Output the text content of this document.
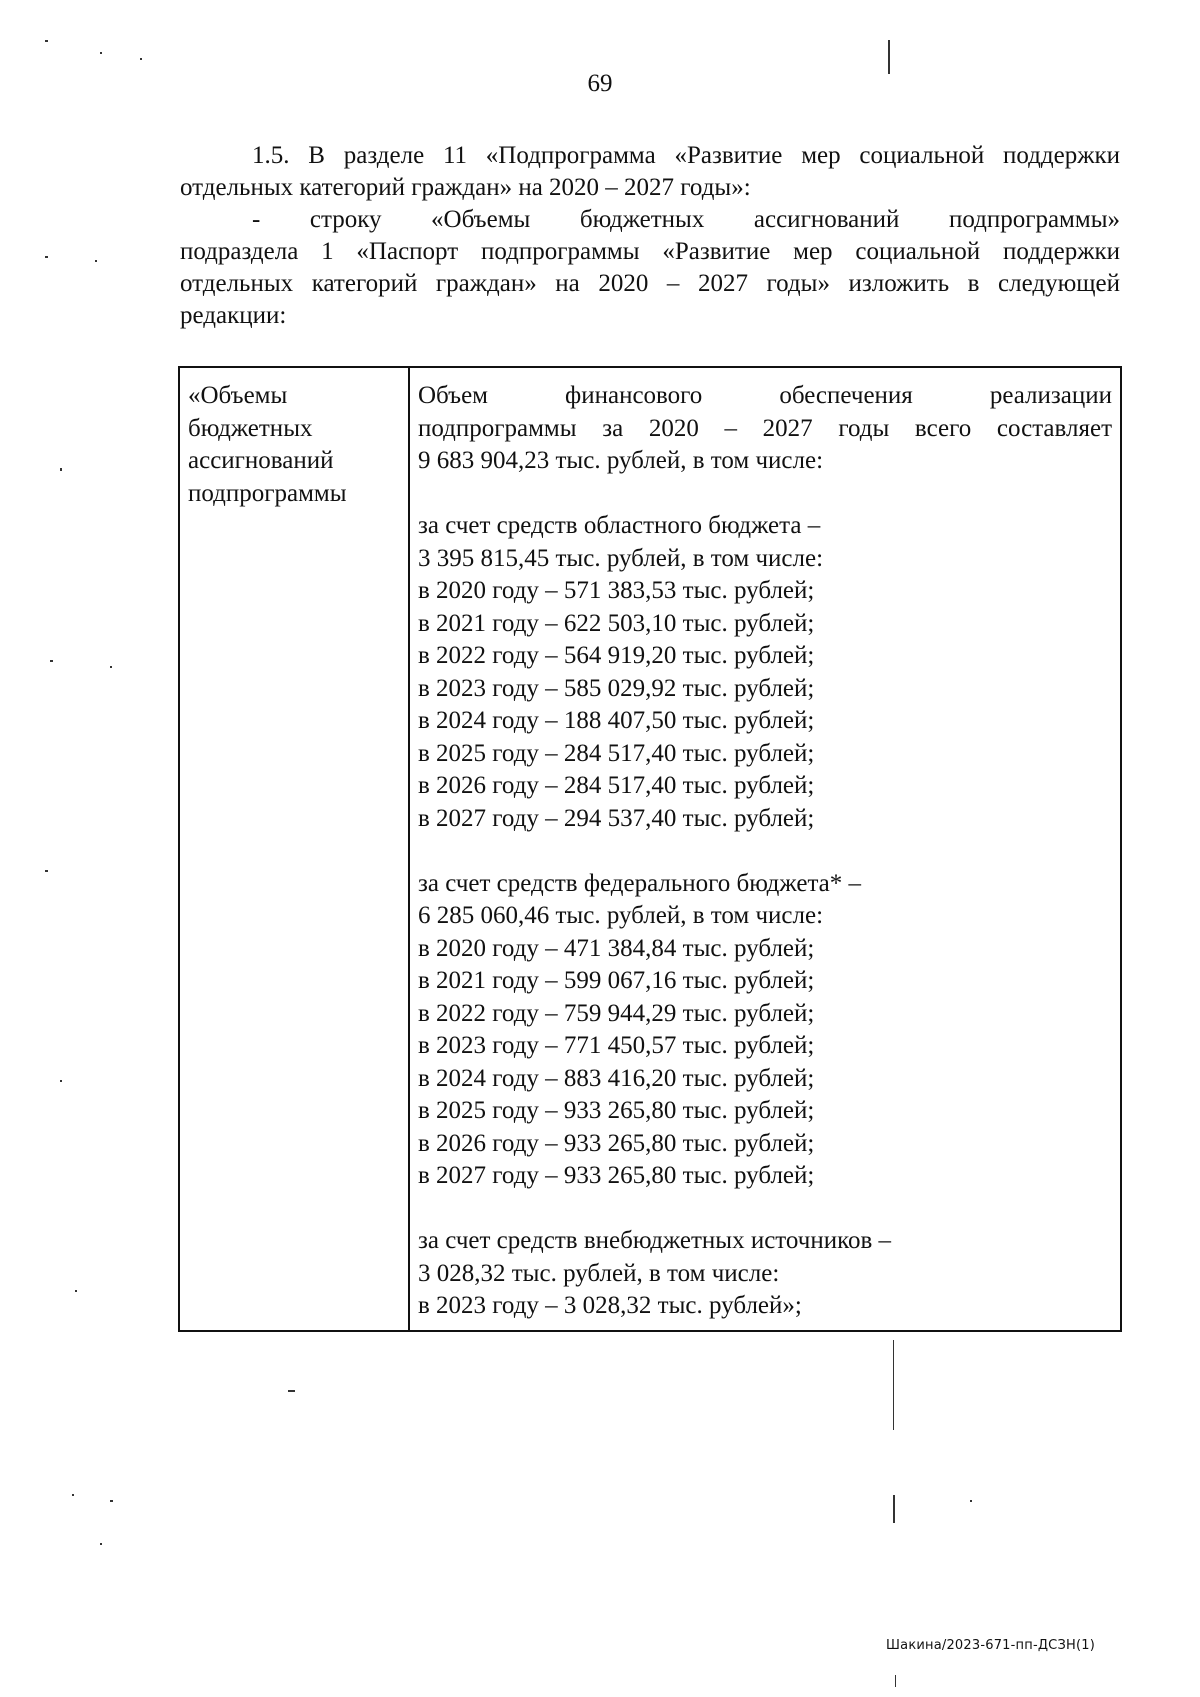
69

1.5. В разделе 11 «Подпрограмма «Развитие мер социальной поддержки

отдельных категорий граждан» на 2020 – 2027 годы»:

- строку «Объемы бюджетных ассигнований подпрограммы»

подраздела 1 «Паспорт подпрограммы «Развитие мер социальной поддержки

отдельных категорий граждан» на 2020 – 2027 годы» изложить в следующей

редакции:

«Объемы
бюджетных
ассигнований
подпрограммы
Объем финансового обеспечения реализации
подпрограммы за 2020 – 2027 годы всего составляет
9 683 904,23 тыс. рублей, в том числе:
за счет средств областного бюджета –
3 395 815,45 тыс. рублей, в том числе:
в 2020 году – 571 383,53 тыс. рублей;
в 2021 году – 622 503,10 тыс. рублей;
в 2022 году – 564 919,20 тыс. рублей;
в 2023 году – 585 029,92 тыс. рублей;
в 2024 году – 188 407,50 тыс. рублей;
в 2025 году – 284 517,40 тыс. рублей;
в 2026 году – 284 517,40 тыс. рублей;
в 2027 году – 294 537,40 тыс. рублей;
за счет средств федерального бюджета* –
6 285 060,46 тыс. рублей, в том числе:
в 2020 году – 471 384,84 тыс. рублей;
в 2021 году – 599 067,16 тыс. рублей;
в 2022 году – 759 944,29 тыс. рублей;
в 2023 году – 771 450,57 тыс. рублей;
в 2024 году – 883 416,20 тыс. рублей;
в 2025 году – 933 265,80 тыс. рублей;
в 2026 году – 933 265,80 тыс. рублей;
в 2027 году – 933 265,80 тыс. рублей;
за счет средств внебюджетных источников –
3 028,32 тыс. рублей, в том числе:
в 2023 году – 3 028,32 тыс. рублей»;
Шакина/2023-671-пп-ДСЗН(1)
